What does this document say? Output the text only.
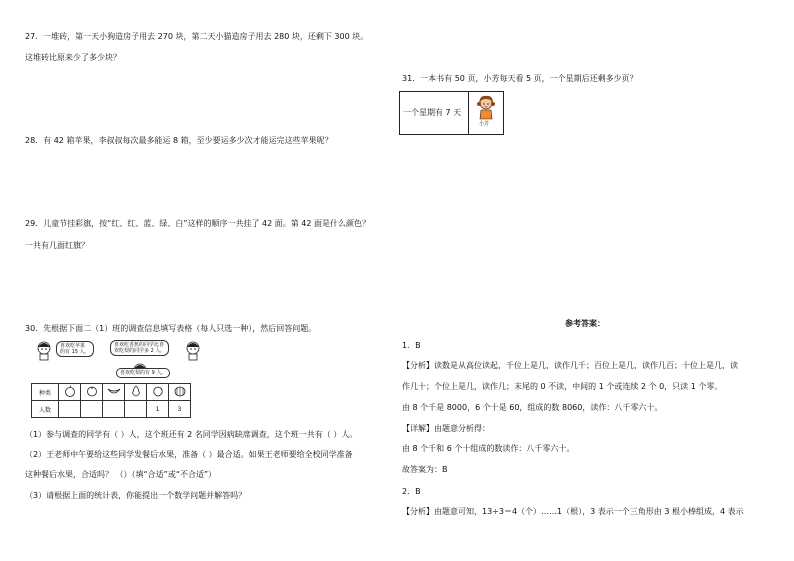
27．一堆砖，第一天小狗造房子用去 270 块，第二天小猫造房子用去 280 块，还剩下 300 块。
这堆砖比原来少了多少块？
28．有 42 箱苹果，李叔叔每次最多能运 8 箱，至少要运多少次才能运完这些苹果呢？
29．儿童节挂彩旗，按“红、红、蓝、绿、白”这样的顺序一共挂了 42 面。第 42 面是什么颜色？
一共有几面红旗？
30．先根据下面二（1）班的调查信息填写表格（每人只选一种），然后回答问题。
喜欢吃苹果
的有 15 人。
喜欢吃香蕉的同学比喜
欢吃梨的同学多 2 人。
喜欢吃梨的有 9 人。
种类						
人数					1	3
（1）参与调查的同学有（ ）人，这个班还有 2 名同学因病缺席调查，这个班一共有（ ）人。
（2）王老师中午要给这些同学发餐后水果，准备（ ）最合适。如果王老师要给全校同学准备
这种餐后水果，合适吗？ （）（填“合适”或“不合适”）
（3）请根据上面的统计表，你能提出一个数学问题并解答吗？
31．一本书有 50 页，小芳每天看 5 页，一个星期后还剩多少页？
一个星期有 7 天
小芳
参考答案：
1．B
【分析】读数是从高位读起，千位上是几，读作几千；百位上是几，读作几百；十位上是几，读
作几十；个位上是几，读作几；末尾的 0 不读，中间的 1 个或连续 2 个 0，只读 1 个零。
由 8 个千是 8000，6 个十是 60，组成的数 8060，读作：八千零六十。
【详解】由题意分析得：
由 8 个千和 6 个十组成的数读作：八千零六十。
故答案为：B
2．B
【分析】由题意可知，13÷3＝4（个）……1（根），3 表示一个三角形由 3 根小棒组成，4 表示
